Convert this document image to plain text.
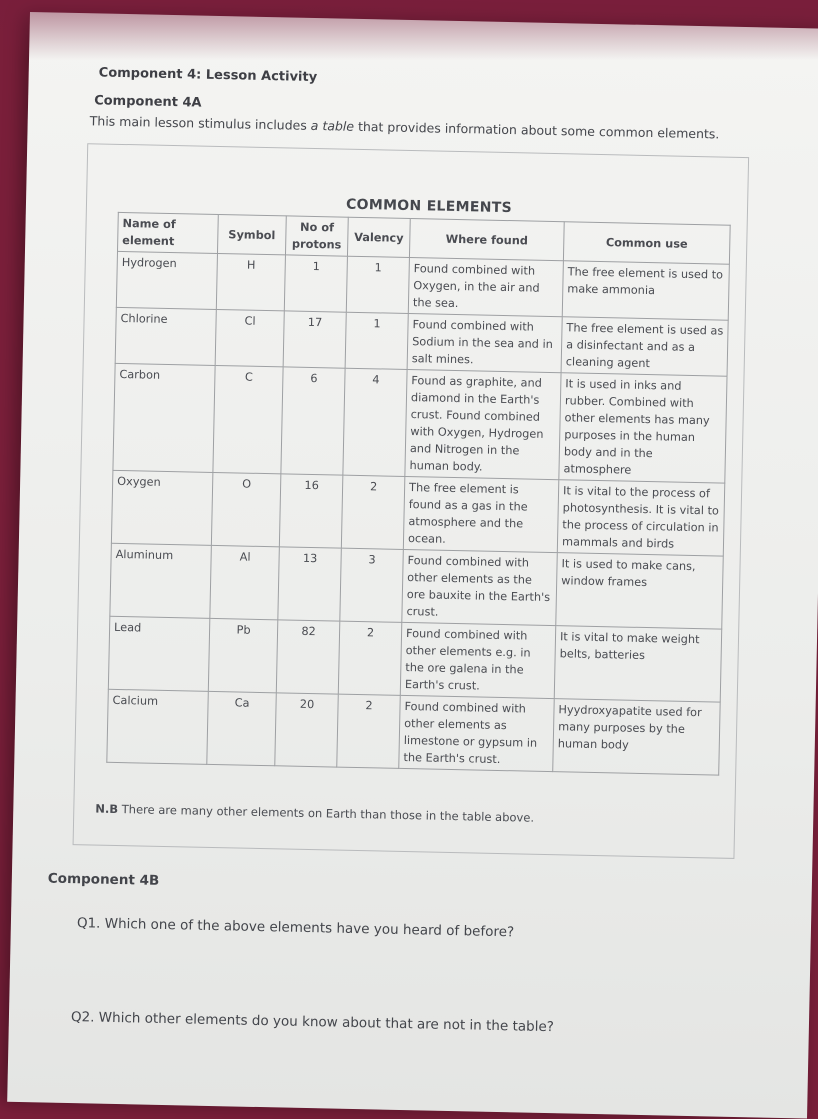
Component 4: Lesson Activity
Component 4A
This main lesson stimulus includes a table that provides information about some common elements.
COMMON ELEMENTS
Name of element	Symbol	No of protons	Valency	Where found	Common use
Hydrogen	H	1	1	Found combined with Oxygen, in the air and the sea.	The free element is used to make ammonia
Chlorine	Cl	17	1	Found combined with Sodium in the sea and in salt mines.	The free element is used as a disinfectant and as a cleaning agent
Carbon	C	6	4	Found as graphite, and diamond in the Earth's crust. Found combined with Oxygen, Hydrogen and Nitrogen in the human body.	It is used in inks and rubber. Combined with other elements has many purposes in the human body and in the atmosphere
Oxygen	O	16	2	The free element is found as a gas in the atmosphere and the ocean.	It is vital to the process of photosynthesis. It is vital to the process of circulation in mammals and birds
Aluminum	Al	13	3	Found combined with other elements as the ore bauxite in the Earth's crust.	It is used to make cans, window frames
Lead	Pb	82	2	Found combined with other elements e.g. in the ore galena in the Earth's crust.	It is vital to make weight belts, batteries
Calcium	Ca	20	2	Found combined with other elements as limestone or gypsum in the Earth's crust.	Hyydroxyapatite used for many purposes by the human body
N.B There are many other elements on Earth than those in the table above.
Component 4B
Q1. Which one of the above elements have you heard of before?
Q2. Which other elements do you know about that are not in the table?
